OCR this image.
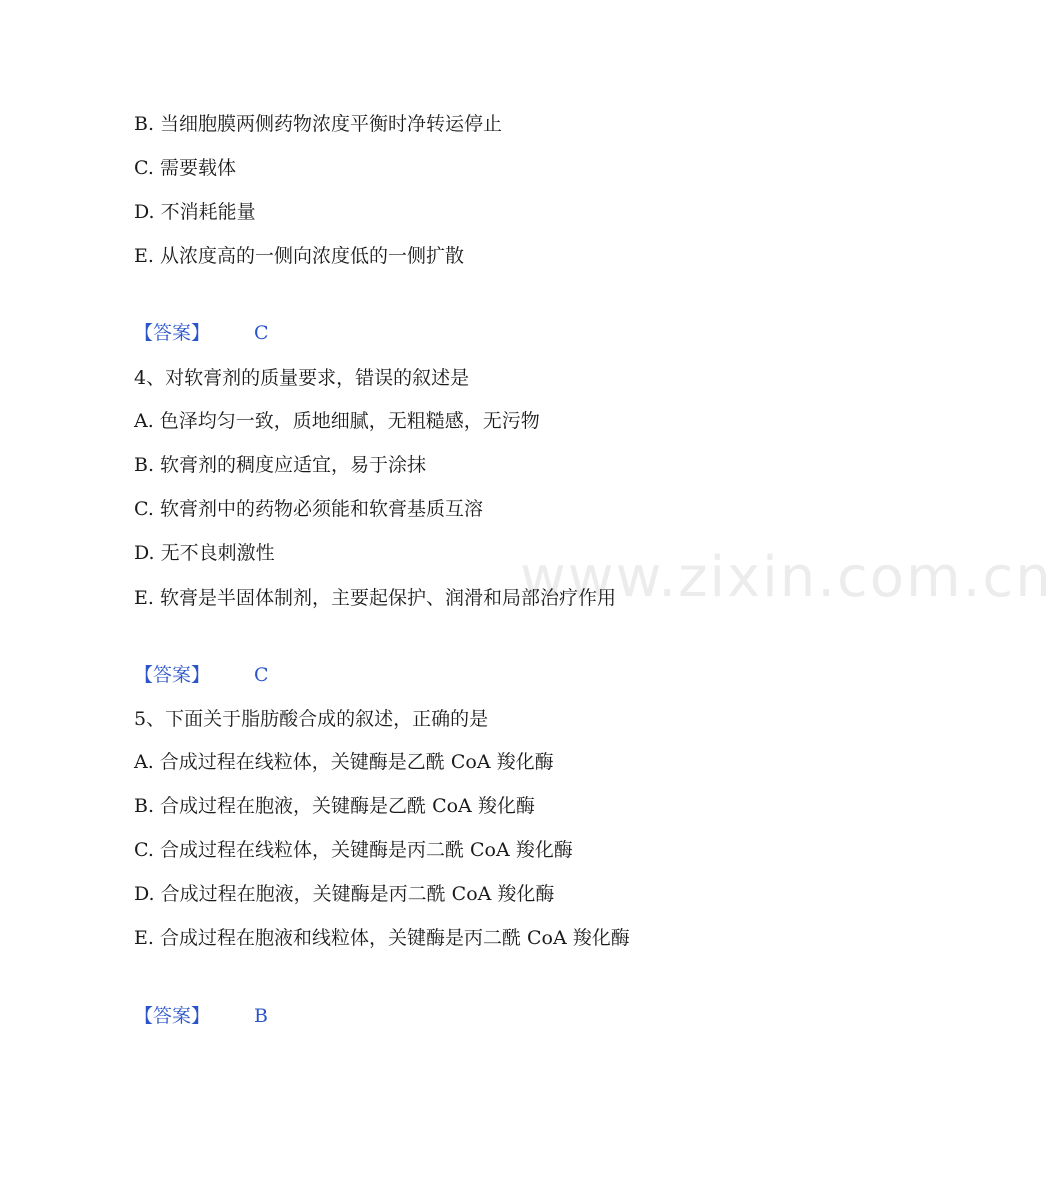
www.zixin.com.cn
B. 当细胞膜两侧药物浓度平衡时净转运停止
C. 需要载体
D. 不消耗能量
E. 从浓度高的一侧向浓度低的一侧扩散
【答案】 C
4、对软膏剂的质量要求，错误的叙述是
A. 色泽均匀一致，质地细腻，无粗糙感，无污物
B. 软膏剂的稠度应适宜，易于涂抹
C. 软膏剂中的药物必须能和软膏基质互溶
D. 无不良刺激性
E. 软膏是半固体制剂，主要起保护、润滑和局部治疗作用
【答案】 C
5、下面关于脂肪酸合成的叙述，正确的是
A. 合成过程在线粒体，关键酶是乙酰 CoA 羧化酶
B. 合成过程在胞液，关键酶是乙酰 CoA 羧化酶
C. 合成过程在线粒体，关键酶是丙二酰 CoA 羧化酶
D. 合成过程在胞液，关键酶是丙二酰 CoA 羧化酶
E. 合成过程在胞液和线粒体，关键酶是丙二酰 CoA 羧化酶
【答案】 B
